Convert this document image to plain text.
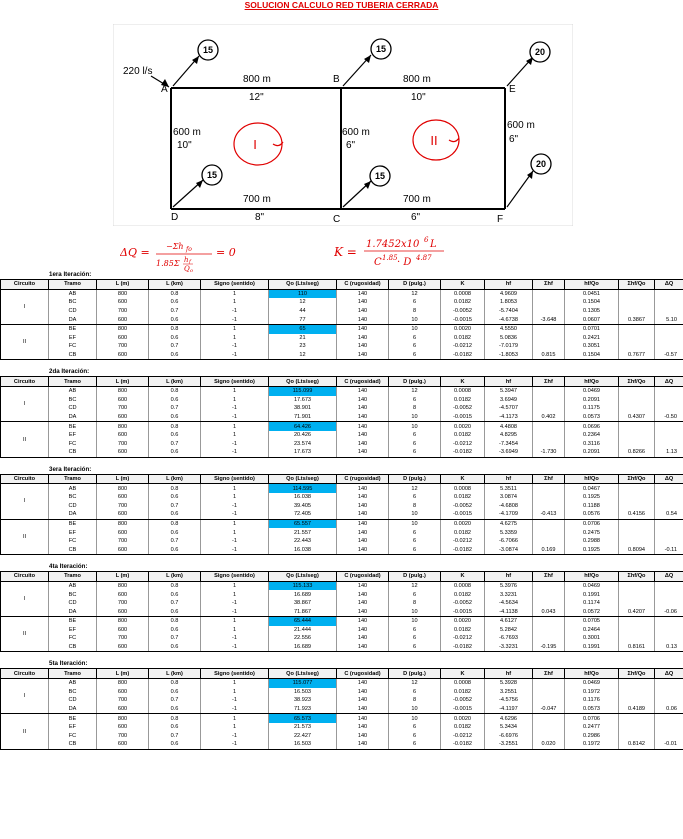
SOLUCION CALCULO RED TUBERIA CERRADA
15	15	20
15	15
20
220 l/s
A
B
E
D	C	F
800 m
12"
800 m
10"
600 m
10"
600 m
6"
600 m
6"
700 m
8"
700 m
6"
I	II
ΔQ = −Σh fo
1.85Σ h f
Q o
= 0	K =
1.7452x10 6 L
C 1.85 · D 4.87
1era Iteración:
Circuito	Tramo	L (m)	L (km)	Signo (sentido)	Qo (Lts/seg)	C (rugosidad)	D (pulg.)	K	hf	Ʃhf	hf/Qo	Ʃhf/Qo	ΔQ
I	AB	800	0.8	1	110	140	12	0.0008	4.9609		0.0451		
	BC	600	0.6	1	12	140	6	0.0182	1.8053		0.1504		
	CD	700	0.7	-1	44	140	8	-0.0052	-5.7404		0.1305		
	DA	600	0.6	-1	77	140	10	-0.0015	-4.6738	-3.648	0.0607	0.3867	5.10
II	BE	800	0.8	1	65	140	10	0.0020	4.5550		0.0701		
	EF	600	0.6	1	21	140	6	0.0182	5.0836		0.2421		
	FC	700	0.7	-1	23	140	6	-0.0212	-7.0179		0.3051		
	CB	600	0.6	-1	12	140	6	-0.0182	-1.8053	0.815	0.1504	0.7677	-0.57
2da Iteración:
Circuito	Tramo	L (m)	L (km)	Signo (sentido)	Qo (Lts/seg)	C (rugosidad)	D (pulg.)	K	hf	Ʃhf	hf/Qo	Ʃhf/Qo	ΔQ
I	AB	800	0.8	1	115.099	140	12	0.0008	5.3947		0.0469		
	BC	600	0.6	1	17.673	140	6	0.0182	3.6949		0.2091		
	CD	700	0.7	-1	38.901	140	8	-0.0052	-4.5707		0.1175		
	DA	600	0.6	-1	71.901	140	10	-0.0015	-4.1173	0.402	0.0573	0.4307	-0.50
II	BE	800	0.8	1	64.426	140	10	0.0020	4.4808		0.0696		
	EF	600	0.6	1	20.426	140	6	0.0182	4.8295		0.2364		
	FC	700	0.7	-1	23.574	140	6	-0.0212	-7.3454		0.3116		
	CB	600	0.6	-1	17.673	140	6	-0.0182	-3.6949	-1.730	0.2091	0.8266	1.13
3era Iteración:
Circuito	Tramo	L (m)	L (km)	Signo (sentido)	Qo (Lts/seg)	C (rugosidad)	D (pulg.)	K	hf	Ʃhf	hf/Qo	Ʃhf/Qo	ΔQ
I	AB	800	0.8	1	114.595	140	12	0.0008	5.3511		0.0467		
	BC	600	0.6	1	16.038	140	6	0.0182	3.0874		0.1925		
	CD	700	0.7	-1	39.405	140	8	-0.0052	-4.6808		0.1188		
	DA	600	0.6	-1	72.405	140	10	-0.0015	-4.1709	-0.413	0.0576	0.4156	0.54
II	BE	800	0.8	1	65.557	140	10	0.0020	4.6275		0.0706		
	EF	600	0.6	1	21.557	140	6	0.0182	5.3359		0.2475		
	FC	700	0.7	-1	22.443	140	6	-0.0212	-6.7066		0.2988		
	CB	600	0.6	-1	16.038	140	6	-0.0182	-3.0874	0.169	0.1925	0.8094	-0.11
4ta Iteración:
Circuito	Tramo	L (m)	L (km)	Signo (sentido)	Qo (Lts/seg)	C (rugosidad)	D (pulg.)	K	hf	Ʃhf	hf/Qo	Ʃhf/Qo	ΔQ
I	AB	800	0.8	1	115.133	140	12	0.0008	5.3976		0.0469		
	BC	600	0.6	1	16.689	140	6	0.0182	3.3231		0.1991		
	CD	700	0.7	-1	38.867	140	8	-0.0052	-4.5634		0.1174		
	DA	600	0.6	-1	71.867	140	10	-0.0015	-4.1138	0.043	0.0572	0.4207	-0.06
II	BE	800	0.8	1	65.444	140	10	0.0020	4.6127		0.0705		
	EF	600	0.6	1	21.444	140	6	0.0182	5.2842		0.2464		
	FC	700	0.7	-1	22.556	140	6	-0.0212	-6.7693		0.3001		
	CB	600	0.6	-1	16.689	140	6	-0.0182	-3.3231	-0.195	0.1991	0.8161	0.13
5ta Iteración:
Circuito	Tramo	L (m)	L (km)	Signo (sentido)	Qo (Lts/seg)	C (rugosidad)	D (pulg.)	K	hf	Ʃhf	hf/Qo	Ʃhf/Qo	ΔQ
I	AB	800	0.8	1	115.077	140	12	0.0008	5.3928		0.0469		
	BC	600	0.6	1	16.503	140	6	0.0182	3.2551		0.1972		
	CD	700	0.7	-1	38.923	140	8	-0.0052	-4.5756		0.1176		
	DA	600	0.6	-1	71.923	140	10	-0.0015	-4.1197	-0.047	0.0573	0.4189	0.06
II	BE	800	0.8	1	65.573	140	10	0.0020	4.6296		0.0706		
	EF	600	0.6	1	21.573	140	6	0.0182	5.3434		0.2477		
	FC	700	0.7	-1	22.427	140	6	-0.0212	-6.6976		0.2986		
	CB	600	0.6	-1	16.503	140	6	-0.0182	-3.2551	0.020	0.1972	0.8142	-0.01
